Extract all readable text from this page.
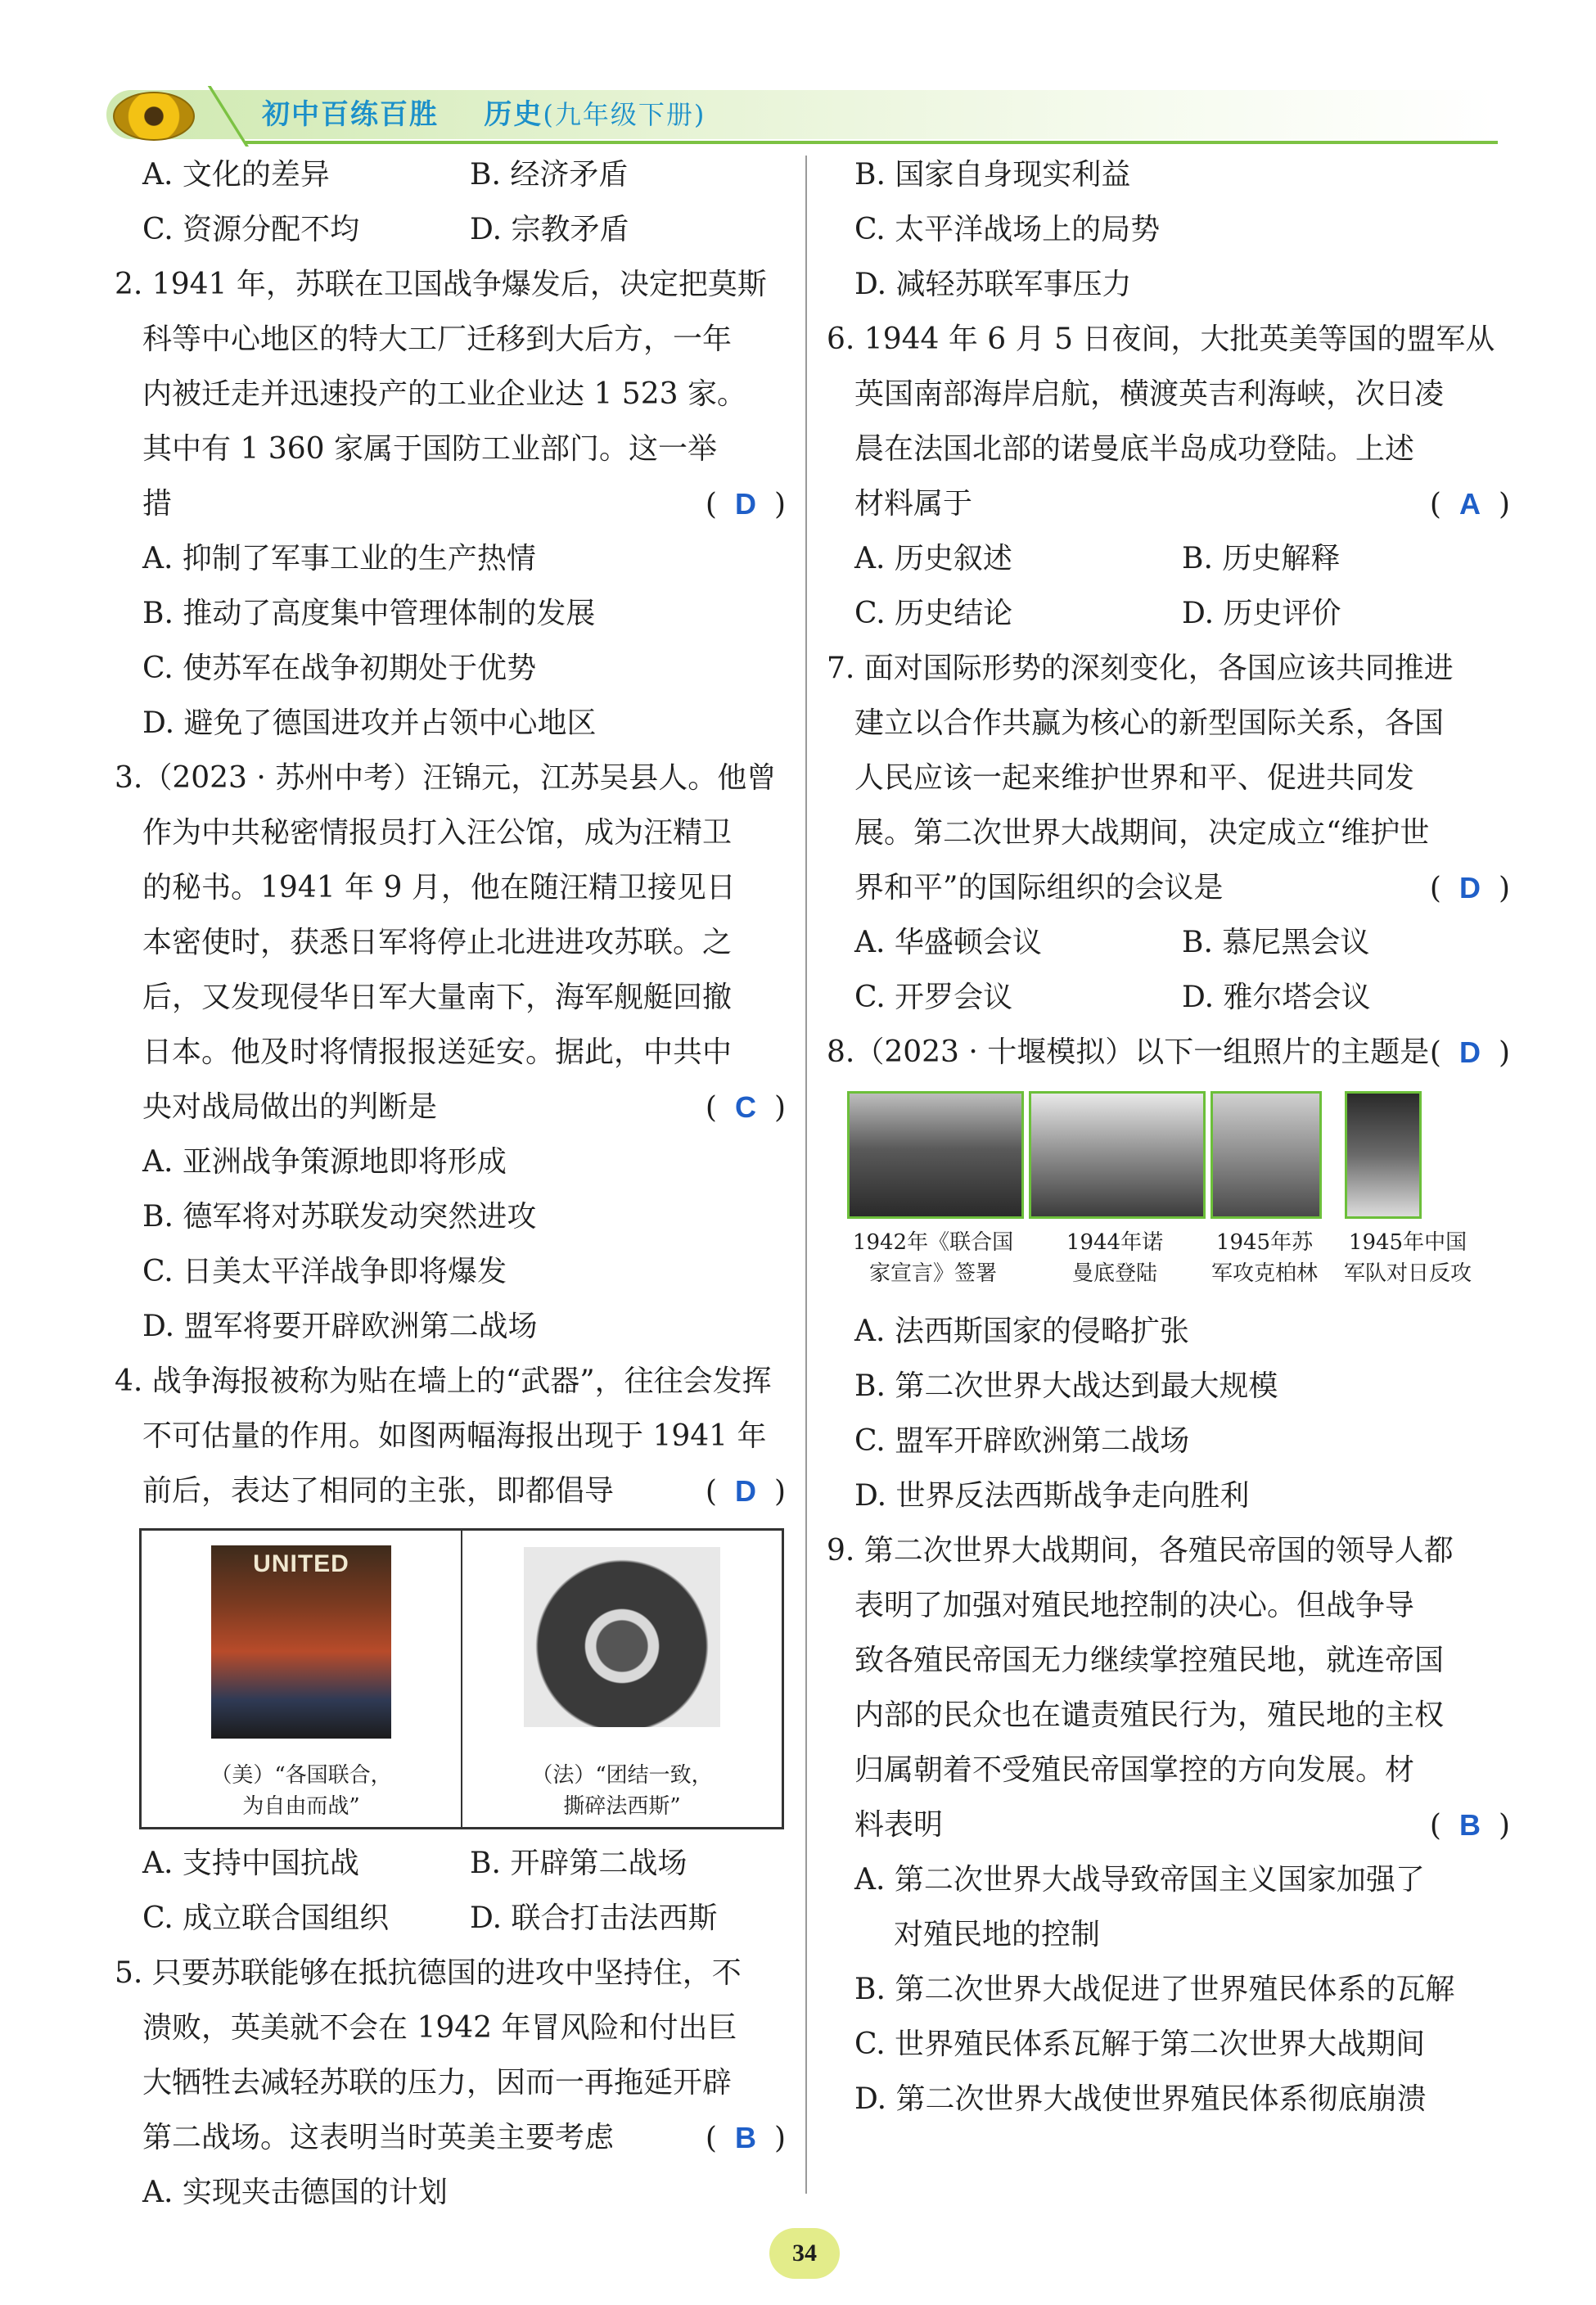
初中百练百胜 历史(九年级下册)
A. 文化的差异	B. 经济矛盾
C. 资源分配不均	D. 宗教矛盾
2. 1941 年，苏联在卫国战争爆发后，决定把莫斯
科等中心地区的特大工厂迁移到大后方，一年
内被迁走并迅速投产的工业企业达 1 523 家。
其中有 1 360 家属于国防工业部门。这一举
措	( D )
A. 抑制了军事工业的生产热情
B. 推动了高度集中管理体制的发展
C. 使苏军在战争初期处于优势
D. 避免了德国进攻并占领中心地区
3.（2023 · 苏州中考）汪锦元，江苏吴县人。他曾
作为中共秘密情报员打入汪公馆，成为汪精卫
的秘书。1941 年 9 月，他在随汪精卫接见日
本密使时，获悉日军将停止北进进攻苏联。之
后，又发现侵华日军大量南下，海军舰艇回撤
日本。他及时将情报报送延安。据此，中共中
央对战局做出的判断是	( C )
A. 亚洲战争策源地即将形成
B. 德军将对苏联发动突然进攻
C. 日美太平洋战争即将爆发
D. 盟军将要开辟欧洲第二战场
4. 战争海报被称为贴在墙上的“武器”，往往会发挥
不可估量的作用。如图两幅海报出现于 1941 年
前后，表达了相同的主张，即都倡导	( D )
UNITED
（美）“各国联合，
为自由而战”
（法）“团结一致，
撕碎法西斯”
A. 支持中国抗战	B. 开辟第二战场
C. 成立联合国组织	D. 联合打击法西斯
5. 只要苏联能够在抵抗德国的进攻中坚持住，不
溃败，英美就不会在 1942 年冒风险和付出巨
大牺牲去减轻苏联的压力，因而一再拖延开辟
第二战场。这表明当时英美主要考虑	( B )
A. 实现夹击德国的计划
B. 国家自身现实利益
C. 太平洋战场上的局势
D. 减轻苏联军事压力
6. 1944 年 6 月 5 日夜间，大批英美等国的盟军从
英国南部海岸启航，横渡英吉利海峡，次日凌
晨在法国北部的诺曼底半岛成功登陆。上述
材料属于	( A )
A. 历史叙述	B. 历史解释
C. 历史结论	D. 历史评价
7. 面对国际形势的深刻变化，各国应该共同推进
建立以合作共赢为核心的新型国际关系，各国
人民应该一起来维护世界和平、促进共同发
展。第二次世界大战期间，决定成立“维护世
界和平”的国际组织的会议是	( D )
A. 华盛顿会议	B. 慕尼黑会议
C. 开罗会议	D. 雅尔塔会议
8.（2023 · 十堰模拟）以下一组照片的主题是 ( D )
1942年《联合国
家宣言》签署
1944年诺
曼底登陆
1945年苏
军攻克柏林
1945年中国
军队对日反攻
A. 法西斯国家的侵略扩张
B. 第二次世界大战达到最大规模
C. 盟军开辟欧洲第二战场
D. 世界反法西斯战争走向胜利
9. 第二次世界大战期间，各殖民帝国的领导人都
表明了加强对殖民地控制的决心。但战争导
致各殖民帝国无力继续掌控殖民地，就连帝国
内部的民众也在谴责殖民行为，殖民地的主权
归属朝着不受殖民帝国掌控的方向发展。材
料表明	( B )
A. 第二次世界大战导致帝国主义国家加强了
对殖民地的控制
B. 第二次世界大战促进了世界殖民体系的瓦解
C. 世界殖民体系瓦解于第二次世界大战期间
D. 第二次世界大战使世界殖民体系彻底崩溃
34
